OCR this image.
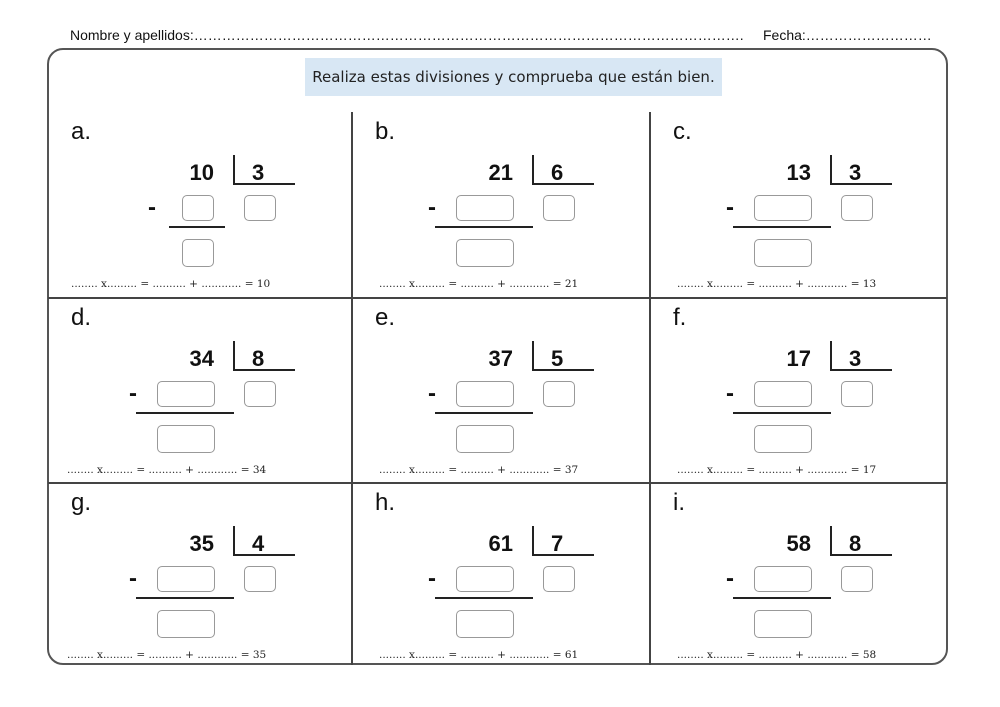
Nombre y apellidos:………………………………………………………………………………………………………. Fecha:………………………
Realiza estas divisiones y comprueba que están bien.
a.
10 3
-
........ x......... = .......... + ............ = 10
b.
21 6
-
........ x......... = .......... + ............ = 21
c.
13 3
-
........ x......... = .......... + ............ = 13
d.
34 8
-
........ x......... = .......... + ............ = 34
e.
37 5
-
........ x......... = .......... + ............ = 37
f.
17 3
-
........ x......... = .......... + ............ = 17
g.
35 4
-
........ x......... = .......... + ............ = 35
h.
61 7
-
........ x......... = .......... + ............ = 61
i.
58 8
-
........ x......... = .......... + ............ = 58
